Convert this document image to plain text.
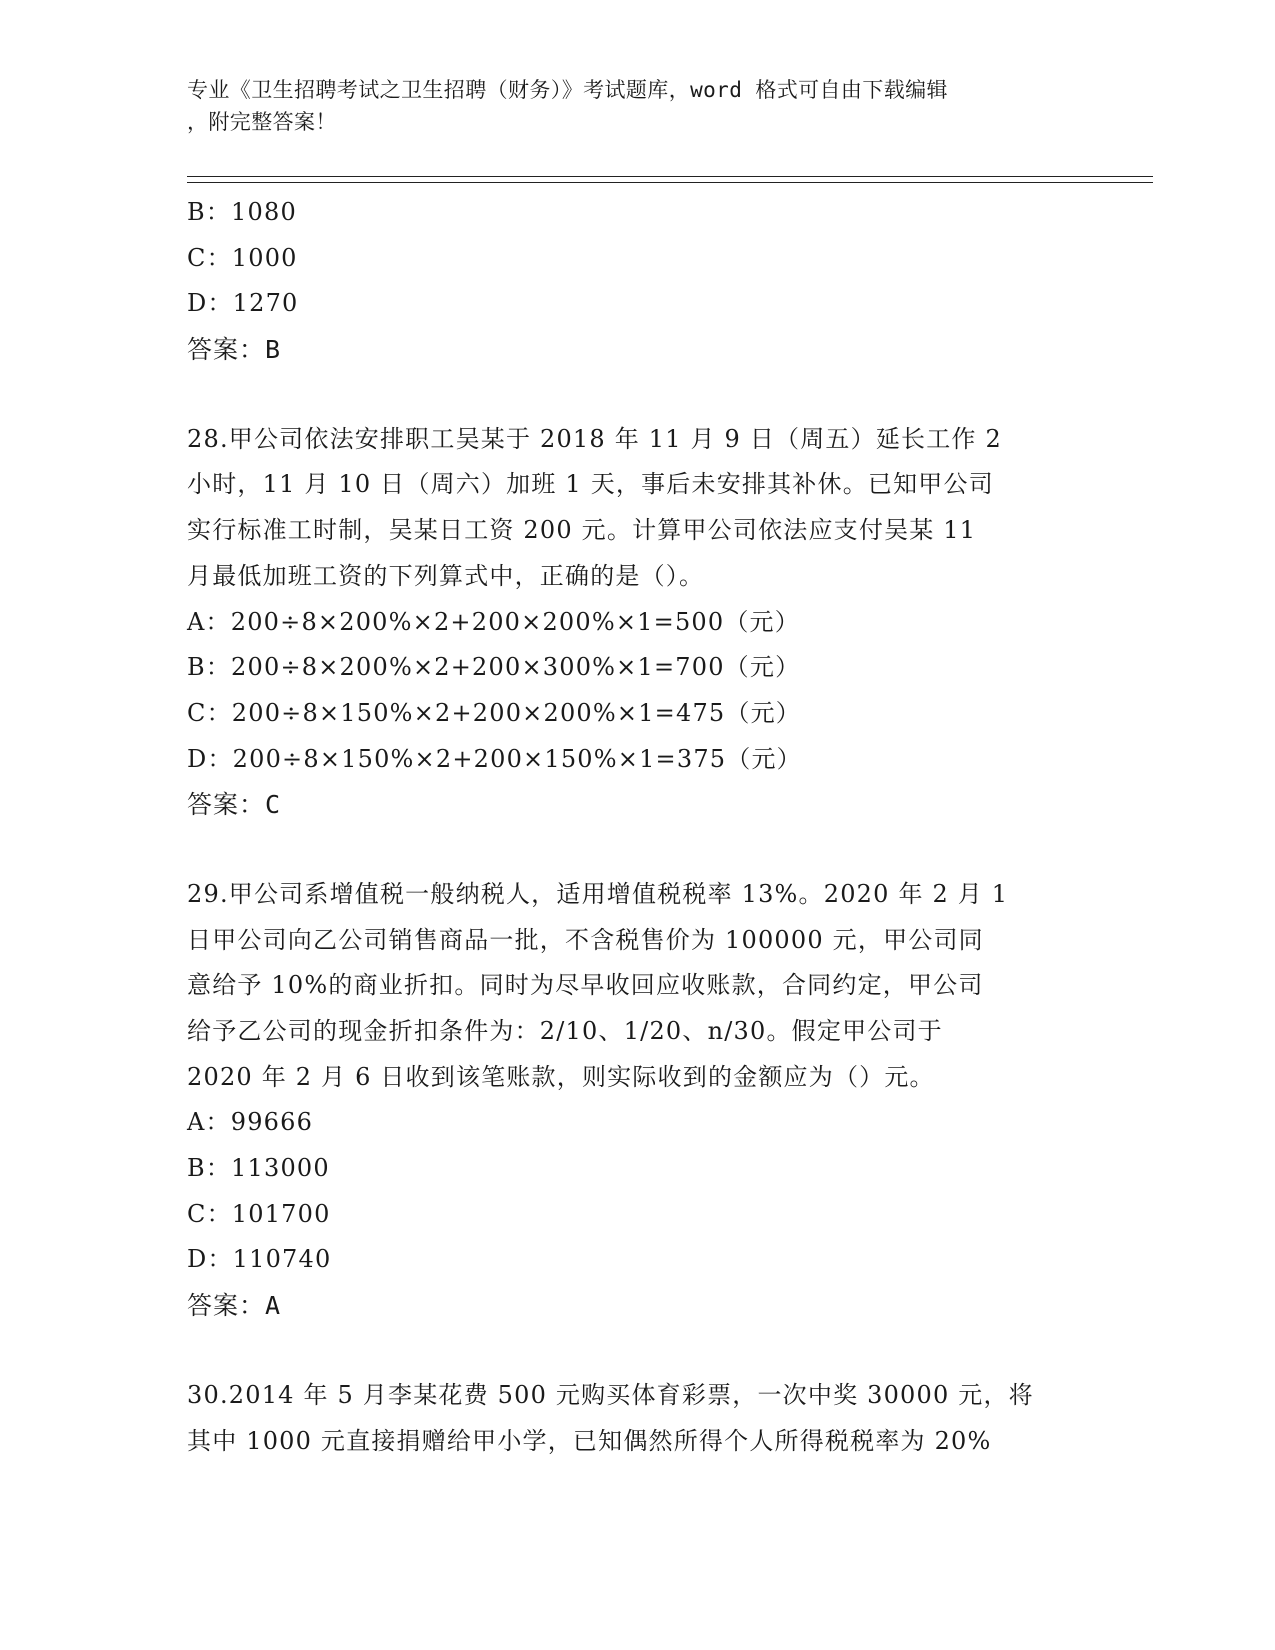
专业《卫生招聘考试之卫生招聘（财务）》考试题库，word 格式可自由下载编辑
，附完整答案！
B：1080
C：1000
D：1270
答案：B
28.甲公司依法安排职工吴某于 2018 年 11 月 9 日（周五）延长工作 2
小时，11 月 10 日（周六）加班 1 天，事后未安排其补休。已知甲公司
实行标准工时制，吴某日工资 200 元。计算甲公司依法应支付吴某 11
月最低加班工资的下列算式中，正确的是（）。
A：200÷8×200%×2+200×200%×1=500（元）
B：200÷8×200%×2+200×300%×1=700（元）
C：200÷8×150%×2+200×200%×1=475（元）
D：200÷8×150%×2+200×150%×1=375（元）
答案：C
29.甲公司系增值税一般纳税人，适用增值税税率 13%。2020 年 2 月 1
日甲公司向乙公司销售商品一批，不含税售价为 100000 元，甲公司同
意给予 10%的商业折扣。同时为尽早收回应收账款，合同约定，甲公司
给予乙公司的现金折扣条件为：2/10、1/20、n/30。假定甲公司于
2020 年 2 月 6 日收到该笔账款，则实际收到的金额应为（）元。
A：99666
B：113000
C：101700
D：110740
答案：A
30.2014 年 5 月李某花费 500 元购买体育彩票，一次中奖 30000 元，将
其中 1000 元直接捐赠给甲小学，已知偶然所得个人所得税税率为 20%
